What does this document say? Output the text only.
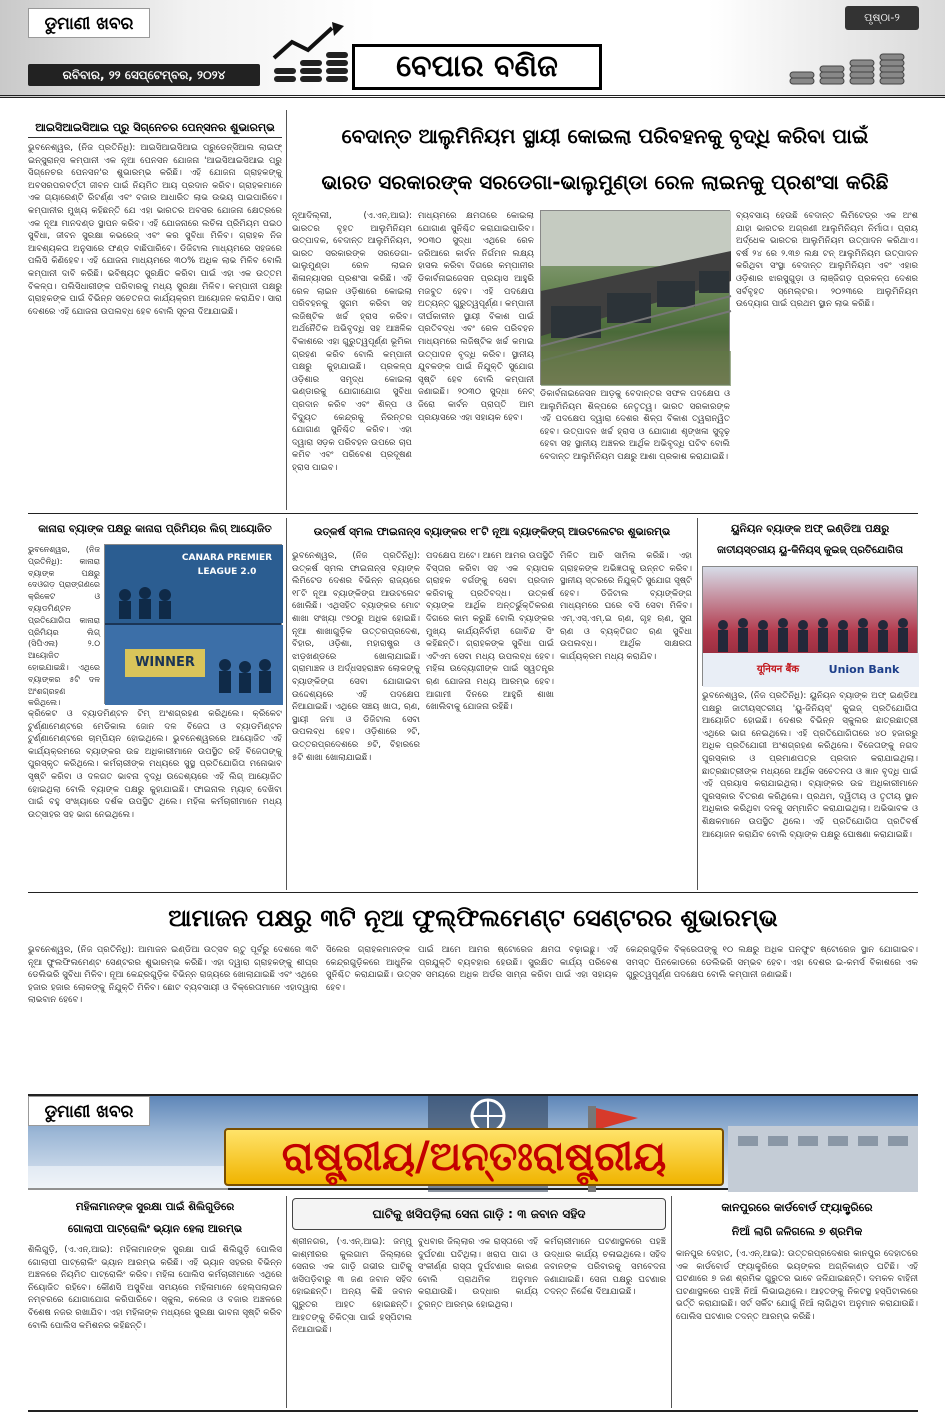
ଡୁମାଣୀ ଖବର
ରବିବାର, ୨୨ ସେପ୍ଟେମ୍ବର, ୨୦୨୪	ବେପାର ବଣିଜ
ପୃଷ୍ଠା-୨
ଆଇସିଆଇସିଆଇ ପ୍ରୁ ସିଗ୍ନେଚର ପେନ୍‌ସନର ଶୁଭାରମ୍ଭ
ଭୁବନେଶ୍ୱର, (ନିଜ ପ୍ରତିନିଧି): ଆଇସିଆଇସିଆଇ ପ୍ରୁଡେନ୍ସିଆଲ ଲାଇଫ୍ ଇନ୍ସୁରାନ୍ସ କମ୍ପାନୀ ଏକ ନୂଆ ପେନସନ ଯୋଜନା 'ଆଇସିଆଇସିଆଇ ପ୍ରୁ ସିଗ୍ନେଚର ପେନସନ'ର ଶୁଭାରମ୍ଭ କରିଛି। ଏହି ଯୋଜନା ଗ୍ରାହକଙ୍କୁ ଅବସରପରବର୍ତ୍ତୀ ଜୀବନ ପାଇଁ ନିୟମିତ ଆୟ ପ୍ରଦାନ କରିବ। ଗ୍ରାହକମାନେ ଏକ ଗ୍ୟାରେଣ୍ଟି ରିଟର୍ଣ୍ଣ ଏବଂ ବଜାର ଆଧାରିତ ଲାଭ ଉଭୟ ପାଇପାରିବେ। କମ୍ପାନୀର ମୁଖ୍ୟ କହିଛନ୍ତି ଯେ ଏହା ଭାରତର ଅବସର ଯୋଜନା କ୍ଷେତ୍ରରେ ଏକ ନୂଆ ମାନଦଣ୍ଡ ସ୍ଥାପନ କରିବ। ଏହି ଯୋଜନାରେ ଲଚିଳା ପ୍ରିମିୟମ ପଇଠ ସୁବିଧା, ଜୀବନ ସୁରକ୍ଷା କଭରେଜ୍ ଏବଂ କର ସୁବିଧା ମିଳିବ। ଗ୍ରାହକ ନିଜ ଆବଶ୍ୟକତା ଅନୁସାରେ ଫଣ୍ଡ ବାଛିପାରିବେ। ଡିଜିଟାଲ ମାଧ୍ୟମରେ ସହଜରେ ପଲିସି କିଣିହେବ। ଏହି ଯୋଜନା ମାଧ୍ୟମରେ ୩୦% ଅଧିକ ଲାଭ ମିଳିବ ବୋଲି କମ୍ପାନୀ ଦାବି କରିଛି। ଭବିଷ୍ୟତ ସୁରକ୍ଷିତ କରିବା ପାଇଁ ଏହା ଏକ ଉତ୍ତମ ବିକଳ୍ପ। ପଲିସିଧାରୀଙ୍କ ପରିବାରକୁ ମଧ୍ୟ ସୁରକ୍ଷା ମିଳିବ। କମ୍ପାନୀ ପକ୍ଷରୁ ଗ୍ରାହକଙ୍କ ପାଇଁ ବିଭିନ୍ନ ସଚେତନତା କାର୍ଯ୍ୟକ୍ରମ ଆୟୋଜନ କରାଯିବ। ସାରା ଦେଶରେ ଏହି ଯୋଜନା ଉପଲବ୍ଧ ହେବ ବୋଲି ସୂଚନା ଦିଆଯାଇଛି।
ବେଦାନ୍ତ ଆଲୁମିନିୟମ ସ୍ଥାୟୀ କୋଇଲା ପରିବହନକୁ ବୃଦ୍ଧି କରିବା ପାଇଁ
ଭାରତ ସରକାରଙ୍କ ସରଡେଗା-ଭାଲୁମୁଣ୍ଡା ରେଳ ଲାଇନକୁ ପ୍ରଶଂସା କରିଛି
ନୂଆଦିଲ୍ଲୀ, (ଏ.ଏନ୍.ଆଇ): ଭାରତର ବୃହତ ଆଲୁମିନିୟମ ଉତ୍ପାଦକ, ବେଦାନ୍ତ ଆଲୁମିନିୟମ, ଭାରତ ସରକାରଙ୍କ ସରଡେଗା-ଭାଲୁମୁଣ୍ଡା ରେଳ ଲାଇନ ଶିଳାନ୍ୟାସର ପ୍ରଶଂସା କରିଛି। ଏହି ରେଳ ଲାଇନ ଓଡ଼ିଶାରେ କୋଇଲା ପରିବହନକୁ ସୁଗମ କରିବା ସହ ଲଜିଷ୍ଟିକ ଖର୍ଚ୍ଚ ହ୍ରାସ କରିବ। ଅର୍ଥନୈତିକ ଅଭିବୃଦ୍ଧି ସହ ଆଞ୍ଚଳିକ ବିକାଶରେ ଏହା ଗୁରୁତ୍ୱପୂର୍ଣ୍ଣ ଭୂମିକା ଗ୍ରହଣ କରିବ ବୋଲି କମ୍ପାନୀ ପକ୍ଷରୁ କୁହାଯାଇଛି। ପ୍ରକଳ୍ପ ଓଡ଼ିଶାର ସମୃଦ୍ଧ କୋଇଲା ଭଣ୍ଡାରକୁ ଯୋଗାଯୋଗ ସୁବିଧା ପ୍ରଦାନ କରିବ ଏବଂ ଶିଳ୍ପ ଓ ବିଦ୍ୟୁତ କେନ୍ଦ୍ରକୁ ନିରନ୍ତର ଯୋଗାଣ ସୁନିଶ୍ଚିତ କରିବ। ଏହା ଦ୍ୱାରା ସଡ଼କ ପରିବହନ ଉପରେ ଚାପ କମିବ ଏବଂ ପରିବେଶ ପ୍ରଦୂଷଣ ହ୍ରାସ ପାଇବ।
ମାଧ୍ୟମରେ କ୍ଷମତାରେ କୋଇଲା ଯୋଗାଣ ସୁନିଶ୍ଚିତ କରାଯାଇପାରିବ। ୨୦୩୦ ସୁଦ୍ଧା ଏଥିରେ ରେଳ ଜରିଆରେ କାର୍ବନ ନିର୍ଗମନ ଲକ୍ଷ୍ୟ ହାସଲ କରିବା ଦିଗରେ କମ୍ପାନୀର ଡିକାର୍ବନାଇଜେସନ ପ୍ରୟାସ ଆହୁରି ମଜବୁତ ହେବ। ଏହି ପଦକ୍ଷେପ ଅତ୍ୟନ୍ତ ଗୁରୁତ୍ୱପୂର୍ଣ୍ଣ। କମ୍ପାନୀ ଦୀର୍ଘକାଳୀନ ସ୍ଥାୟୀ ବିକାଶ ପାଇଁ ପ୍ରତିବଦ୍ଧ ଏବଂ ରେଳ ପରିବହନ ମାଧ୍ୟମରେ ଲଜିଷ୍ଟିକ ଖର୍ଚ୍ଚ କମାଇ ଉତ୍ପାଦନ ବୃଦ୍ଧି କରିବ। ସ୍ଥାନୀୟ ଯୁବକଙ୍କ ପାଇଁ ନିଯୁକ୍ତି ସୁଯୋଗ ସୃଷ୍ଟି ହେବ ବୋଲି କମ୍ପାନୀ ଜଣାଇଛି। ୨୦୩୦ ସୁଦ୍ଧା ନେଟ୍ ଜିରୋ କାର୍ବନ ପ୍ରାପ୍ତି ଆମ ପ୍ରୟାସରେ ଏହା ସହାୟକ ହେବ।
ଡିକାର୍ବନାଇଜେସନ ଆଡ଼କୁ ବେଦାନ୍ତର ସଫଳ ପଦକ୍ଷେପ ଓ ଆଲୁମିନିୟମ ଶିଳ୍ପରେ ନେତୃତ୍ୱ। ଭାରତ ସରକାରଙ୍କ ଏହି ପଦକ୍ଷେପ ଦ୍ୱାରା ଦେଶର ଶିଳ୍ପ ବିକାଶ ତ୍ୱରାନ୍ୱିତ ହେବ। ଉତ୍ପାଦନ ଖର୍ଚ୍ଚ ହ୍ରାସ ଓ ଯୋଗାଣ ଶୃଙ୍ଖଳା ସୁଦୃଢ଼ ହେବା ସହ ସ୍ଥାନୀୟ ଅଞ୍ଚଳର ଆର୍ଥିକ ଅଭିବୃଦ୍ଧି ଘଟିବ ବୋଲି ବେଦାନ୍ତ ଆଲୁମିନିୟମ ପକ୍ଷରୁ ଆଶା ପ୍ରକାଶ କରାଯାଇଛି।
ବ୍ୟବସାୟ ହେଉଛି ବେଦାନ୍ତ ଲିମିଟେଡ୍‌ର ଏକ ଅଂଶ ଯାହା ଭାରତର ଅଗ୍ରଣୀ ଆଲୁମିନିୟମ ନିର୍ମାତା। ପ୍ରାୟ ଅର୍ଦ୍ଧେକ ଭାରତର ଆଲୁମିନିୟମ ଉତ୍ପାଦନ କରିଥାଏ। ବର୍ଷ ୨୪ ରେ ୨.୩୭ ଲକ୍ଷ ଟନ୍ ଆଲୁମିନିୟମ ଉତ୍ପାଦନ କରିଥିବା ସଂସ୍ଥା ବେଦାନ୍ତ ଆଲୁମିନିୟମ ଏବଂ ଏହାର ଓଡ଼ିଶାର ଝାରସୁଗୁଡ଼ା ଓ ଲାଞ୍ଜିଗଡ଼ ପ୍ରକଳ୍ପ ଦେଶର ସର୍ବବୃହତ ସ୍ମେଲ୍ଟର। ୨୦୨୩ରେ ଆଲୁମିନିୟମ ଉଦ୍ୟୋଗ ପାଇଁ ପ୍ରଥମ ସ୍ଥାନ ଲାଭ କରିଛି।
କାନାରା ବ୍ୟାଙ୍କ ପକ୍ଷରୁ କାନାରା ପ୍ରିମିୟର ଲିଗ୍ ଆୟୋଜିତ
ଭୁବନେଶ୍ୱର, (ନିଜ ପ୍ରତିନିଧି): କାନାରା ବ୍ୟାଙ୍କ ପକ୍ଷରୁ ଦେଓଗଡ଼ ପ୍ରାଙ୍ଗଣରେ କ୍ରିକେଟ ଓ ବ୍ୟାଡମିଣ୍ଟନ ପ୍ରତିଯୋଗିତା କାନାରା ପ୍ରିମିୟର ଲିଗ୍ (ସିପିଏଲ) ୨.୦ ଆୟୋଜିତ ହୋଇଯାଇଛି। ଏଥିରେ ବ୍ୟାଙ୍କର ୫ଟି ଦଳ ଅଂଶଗ୍ରହଣ କରିଥିଲେ।
CANARA PREMIER LEAGUE 2.0
WINNER
କ୍ରିକେଟ ଓ ବ୍ୟାଡମିଣ୍ଟନ ଟିମ୍ ଅଂଶଗ୍ରହଣ କରିଥିଲେ। କ୍ରିକେଟ ଟୁର୍ଣ୍ଣାମେଣ୍ଟରେ ମେଡିକାଲ ଜୋନ ଦଳ ବିଜେତା ଓ ବ୍ୟାଡମିଣ୍ଟନ ଟୁର୍ଣ୍ଣାମେଣ୍ଟରେ ଚାମ୍ପିୟନ ହୋଇଥିଲେ। ଭୁବନେଶ୍ୱରରେ ଆୟୋଜିତ ଏହି କାର୍ଯ୍ୟକ୍ରମରେ ବ୍ୟାଙ୍କର ଉଚ୍ଚ ଅଧିକାରୀମାନେ ଉପସ୍ଥିତ ରହି ବିଜେତାଙ୍କୁ ପୁରସ୍କୃତ କରିଥିଲେ। କର୍ମଚାରୀଙ୍କ ମଧ୍ୟରେ ସୁସ୍ଥ ପ୍ରତିଯୋଗିତା ମନୋଭାବ ସୃଷ୍ଟି କରିବା ଓ ଦଳଗତ ଭାବନା ବୃଦ୍ଧି ଉଦ୍ଦେଶ୍ୟରେ ଏହି ଲିଗ୍ ଆୟୋଜିତ ହୋଇଥିଲା ବୋଲି ବ୍ୟାଙ୍କ ପକ୍ଷରୁ କୁହାଯାଇଛି। ଫାଇନାଲ ମ୍ୟାଚ୍ ଦେଖିବା ପାଇଁ ବହୁ ସଂଖ୍ୟାରେ ଦର୍ଶକ ଉପସ୍ଥିତ ଥିଲେ। ମହିଳା କର୍ମଚାରୀମାନେ ମଧ୍ୟ ଉତ୍ସାହର ସହ ଭାଗ ନେଇଥିଲେ।
ଉତ୍କର୍ଷ ସ୍ମଲ ଫାଇନାନ୍ସ ବ୍ୟାଙ୍କର ୧୮ଟି ନୂଆ ବ୍ୟାଙ୍କିଙ୍ଗ୍ ଆଉଟଲେଟର ଶୁଭାରମ୍ଭ
ଭୁବନେଶ୍ୱର, (ନିଜ ପ୍ରତିନିଧି): ଉତ୍କର୍ଷ ସ୍ମଲ ଫାଇନାନ୍ସ ବ୍ୟାଙ୍କ ଲିମିଟେଡ ଦେଶର ବିଭିନ୍ନ ରାଜ୍ୟରେ ୧୮ଟି ନୂଆ ବ୍ୟାଙ୍କିଙ୍ଗ ଆଉଟଲେଟ ଖୋଲିଛି। ଏଥିସହିତ ବ୍ୟାଙ୍କର ମୋଟ ଶାଖା ସଂଖ୍ୟା ୯୭୦ରୁ ଅଧିକ ହୋଇଛି। ନୂଆ ଶାଖାଗୁଡ଼ିକ ଉତ୍ତରପ୍ରଦେଶ, ବିହାର, ଓଡ଼ିଶା, ମହାରାଷ୍ଟ୍ର ଓ ଝାଡ଼ଖଣ୍ଡରେ ଖୋଲାଯାଇଛି। ଗ୍ରାମାଞ୍ଚଳ ଓ ଅର୍ଦ୍ଧସହରାଞ୍ଚଳ ଲୋକଙ୍କୁ ବ୍ୟାଙ୍କିଙ୍ଗ ସେବା ଯୋଗାଇବା ଉଦ୍ଦେଶ୍ୟରେ ଏହି ପଦକ୍ଷେପ ନିଆଯାଇଛି। ଏଥିରେ ସଞ୍ଚୟ ଖାତା, ଋଣ, ସ୍ଥାୟୀ ଜମା ଓ ଡିଜିଟାଲ ସେବା ଉପଲବ୍ଧ ହେବ। ଓଡ଼ିଶାରେ ୨ଟି, ଉତ୍ତରପ୍ରଦେଶରେ ୭ଟି, ବିହାରରେ ୫ଟି ଶାଖା ଖୋଲାଯାଇଛି।
ପଦକ୍ଷେପ ଅଟେ। ଆମେ ଆମର ଉପସ୍ଥିତି ବିସ୍ତାର କରିବା ସହ ଏକ ବ୍ୟାପକ ଗ୍ରାହକ ବର୍ଗଙ୍କୁ ସେବା ପ୍ରଦାନ କରିବାକୁ ପ୍ରତିବଦ୍ଧ। ଉତ୍କର୍ଷ ବ୍ୟାଙ୍କ ଆର୍ଥିକ ଅନ୍ତର୍ଭୁକ୍ତିକରଣ ଦିଗରେ କାମ କରୁଛି ବୋଲି ବ୍ୟାଙ୍କର ମୁଖ୍ୟ କାର୍ଯ୍ୟନିର୍ବାହୀ ଗୋବିନ୍ଦ ସିଂ କହିଛନ୍ତି। ଗ୍ରାହକଙ୍କ ସୁବିଧା ପାଇଁ ଏଟିଏମ ସେବା ମଧ୍ୟ ଉପଲବ୍ଧ ହେବ। ମହିଳା ଉଦ୍ୟୋଗୀଙ୍କ ପାଇଁ ସ୍ୱତନ୍ତ୍ର ଋଣ ଯୋଜନା ମଧ୍ୟ ଆରମ୍ଭ ହେବ। ଆଗାମୀ ଦିନରେ ଆହୁରି ଶାଖା ଖୋଲିବାକୁ ଯୋଜନା ରହିଛି।
ମିଳିତ ଆଚି ସାମିଲ କରିଛି। ଏହା ଗ୍ରାହକଙ୍କ ଅଭିଜ୍ଞତାକୁ ଉନ୍ନତ କରିବ। ସ୍ଥାନୀୟ ସ୍ତରରେ ନିଯୁକ୍ତି ସୁଯୋଗ ସୃଷ୍ଟି ହେବ। ଡିଜିଟାଲ ବ୍ୟାଙ୍କିଙ୍ଗ ମାଧ୍ୟମରେ ଘରେ ବସି ସେବା ମିଳିବ। ଏମ୍.ଏସ୍.ଏମ୍.ଇ ଋଣ, ଗୃହ ଋଣ, ସୁନା ଋଣ ଓ ବ୍ୟକ୍ତିଗତ ଋଣ ସୁବିଧା ଉପଲବ୍ଧ। ଆର୍ଥିକ ସାକ୍ଷରତା କାର୍ଯ୍ୟକ୍ରମ ମଧ୍ୟ କରାଯିବ।
ୟୁନିୟନ ବ୍ୟାଙ୍କ ଅଫ୍ ଇଣ୍ଡିଆ ପକ୍ଷରୁ
ଜାତୀୟସ୍ତରୀୟ ୟୁ-କିନିୟସ୍ କୁଇଜ୍ ପ୍ରତିଯୋଗିତା
यूनियन बैंक	Union Bank
ଭୁବନେଶ୍ୱର, (ନିଜ ପ୍ରତିନିଧି): ୟୁନିୟନ ବ୍ୟାଙ୍କ ଅଫ୍ ଇଣ୍ଡିଆ ପକ୍ଷରୁ ଜାତୀୟସ୍ତରୀୟ 'ୟୁ-ଜିନିୟସ୍' କୁଇଜ୍ ପ୍ରତିଯୋଗିତା ଆୟୋଜିତ ହୋଇଛି। ଦେଶର ବିଭିନ୍ନ ସ୍କୁଲର ଛାତ୍ରଛାତ୍ରୀ ଏଥିରେ ଭାଗ ନେଇଥିଲେ। ଏହି ପ୍ରତିଯୋଗିତାରେ ୪୦ ହଜାରରୁ ଅଧିକ ପ୍ରତିଯୋଗୀ ଅଂଶଗ୍ରହଣ କରିଥିଲେ। ବିଜେତାଙ୍କୁ ନଗଦ ପୁରସ୍କାର ଓ ପ୍ରମାଣପତ୍ର ପ୍ରଦାନ କରାଯାଇଥିଲା। ଛାତ୍ରଛାତ୍ରୀଙ୍କ ମଧ୍ୟରେ ଆର୍ଥିକ ସଚେତନତା ଓ ଜ୍ଞାନ ବୃଦ୍ଧି ପାଇଁ ଏହି ପ୍ରୟାସ କରାଯାଇଥିଲା। ବ୍ୟାଙ୍କର ଉଚ୍ଚ ଅଧିକାରୀମାନେ ପୁରସ୍କାର ବିତରଣ କରିଥିଲେ। ପ୍ରଥମ, ଦ୍ୱିତୀୟ ଓ ତୃତୀୟ ସ୍ଥାନ ଅଧିକାର କରିଥିବା ଦଳକୁ ସମ୍ମାନିତ କରାଯାଇଥିଲା। ଅଭିଭାବକ ଓ ଶିକ୍ଷକମାନେ ଉପସ୍ଥିତ ଥିଲେ। ଏହି ପ୍ରତିଯୋଗିତା ପ୍ରତିବର୍ଷ ଆୟୋଜନ କରାଯିବ ବୋଲି ବ୍ୟାଙ୍କ ପକ୍ଷରୁ ଘୋଷଣା କରାଯାଇଛି।
ଆମାଜନ ପକ୍ଷରୁ ୩ଟି ନୂଆ ଫୁଲ୍‌ଫିଲମେଣ୍ଟ ସେଣ୍ଟରର ଶୁଭାରମ୍ଭ
ଭୁବନେଶ୍ୱର, (ନିଜ ପ୍ରତିନିଧି): ଆମାଜନ ଇଣ୍ଡିଆ ଉତ୍ସବ ଋତୁ ପୂର୍ବରୁ ଦେଶରେ ୩ଟି ନୂଆ ଫୁଲଫିଲମେଣ୍ଟ ସେଣ୍ଟରର ଶୁଭାରମ୍ଭ କରିଛି। ଏହା ଦ୍ୱାରା ଗ୍ରାହକଙ୍କୁ ଶୀଘ୍ର ଡେଲିଭରି ସୁବିଧା ମିଳିବ। ନୂଆ କେନ୍ଦ୍ରଗୁଡ଼ିକ ବିଭିନ୍ନ ରାଜ୍ୟରେ ଖୋଲାଯାଇଛି ଏବଂ ଏଥିରେ ହଜାର ହଜାର ଲୋକଙ୍କୁ ନିଯୁକ୍ତି ମିଳିବ। ଛୋଟ ବ୍ୟବସାୟୀ ଓ ବିକ୍ରେତାମାନେ ଏହାଦ୍ୱାରା ଲାଭବାନ ହେବେ।
ସିଲେର ଗ୍ରାହକମାନଙ୍କ ପାଇଁ ଆମେ ଆମର ଷ୍ଟୋରେଜ କ୍ଷମତା ବଢ଼ାଇଛୁ। ଏହି କେନ୍ଦ୍ରଗୁଡ଼ିକରେ ଆଧୁନିକ ପ୍ରଯୁକ୍ତି ବ୍ୟବହାର ହେଉଛି। ସୁରକ୍ଷିତ କାର୍ଯ୍ୟ ପରିବେଶ ସୁନିଶ୍ଚିତ କରାଯାଇଛି। ଉତ୍ସବ ସମୟରେ ଅଧିକ ଅର୍ଡର ସାମ୍ନା କରିବା ପାଇଁ ଏହା ସହାୟକ ହେବ।
କେନ୍ଦ୍ରଗୁଡ଼ିକ ବିକ୍ରେତାଙ୍କୁ ୧୦ ଲକ୍ଷରୁ ଅଧିକ ଘନଫୁଟ ଷ୍ଟୋରେଜ ସ୍ଥାନ ଯୋଗାଇବ। ସମସ୍ତ ପିନକୋଡରେ ଡେଲିଭରି ସମ୍ଭବ ହେବ। ଏହା ଦେଶର ଇ-କମର୍ସ ବିକାଶରେ ଏକ ଗୁରୁତ୍ୱପୂର୍ଣ୍ଣ ପଦକ୍ଷେପ ବୋଲି କମ୍ପାନୀ ଜଣାଇଛି।
ଡୁମାଣୀ ଖବର
ରାଷ୍ଟ୍ରୀୟ/ଅନ୍ତଃରାଷ୍ଟ୍ରୀୟ
ମହିଳାମାନଙ୍କ ସୁରକ୍ଷା ପାଇଁ ଶିଲିଗୁଡିରେ
ଗୋଲାପୀ ପାଟ୍ରୋଲିଂ ଭ୍ୟାନ ହେଲା ଆରମ୍ଭ
ଶିଲିଗୁଡ଼ି, (ଏ.ଏନ୍.ଆଇ): ମହିଳାମାନଙ୍କ ସୁରକ୍ଷା ପାଇଁ ଶିଲିଗୁଡ଼ି ପୋଲିସ ଗୋଲାପୀ ପାଟ୍ରୋଲିଂ ଭ୍ୟାନ ଆରମ୍ଭ କରିଛି। ଏହି ଭ୍ୟାନ ସହରର ବିଭିନ୍ନ ଅଞ୍ଚଳରେ ନିୟମିତ ପାଟ୍ରୋଲିଂ କରିବ। ମହିଳା ପୋଲିସ କର୍ମଚାରୀମାନେ ଏଥିରେ ନିୟୋଜିତ ରହିବେ। କୌଣସି ଅସୁବିଧା ସମୟରେ ମହିଳାମାନେ ହେଲ୍ପଲାଇନ ନମ୍ବରରେ ଯୋଗାଯୋଗ କରିପାରିବେ। ସ୍କୁଲ, କଲେଜ ଓ ବଜାର ଅଞ୍ଚଳରେ ବିଶେଷ ନଜର ରଖାଯିବ। ଏହା ମହିଳାଙ୍କ ମଧ୍ୟରେ ସୁରକ୍ଷା ଭାବନା ସୃଷ୍ଟି କରିବ ବୋଲି ପୋଲିସ କମିଶନର କହିଛନ୍ତି।
ଘାଟିକୁ ଖସିପଡ଼ିଲା ସେନା ଗାଡ଼ି : ୩ ଜବାନ ସହିଦ
ଶ୍ରୀନଗର, (ଏ.ଏନ୍.ଆଇ): ଜମ୍ମୁ କାଶ୍ମୀରର କୁଲଗାମ ଜିଲ୍ଲାରେ ସେନାର ଏକ ଗାଡ଼ି ଗଭୀର ଘାଟିକୁ ଖସିପଡ଼ିବାରୁ ୩ ଜଣ ଜବାନ ସହିଦ ହୋଇଛନ୍ତି। ଅନ୍ୟ କିଛି ଜବାନ ଗୁରୁତର ଆହତ ହୋଇଛନ୍ତି। ଆହତଙ୍କୁ ଚିକିତ୍ସା ପାଇଁ ହସ୍ପିଟାଲ ନିଆଯାଇଛି।
ବୁଧବାର ଜିଲ୍ଲାର ଏକ ରାସ୍ତାରେ ଏହି ଦୁର୍ଘଟଣା ଘଟିଥିଲା। ଖରାପ ପାଗ ଓ ସଂକୀର୍ଣ୍ଣ ରାସ୍ତା ଦୁର୍ଘଟଣାର କାରଣ ବୋଲି ପ୍ରାଥମିକ ଅନୁମାନ କରାଯାଉଛି। ଉଦ୍ଧାର କାର୍ଯ୍ୟ ତୁରନ୍ତ ଆରମ୍ଭ ହୋଇଥିଲା।
କର୍ମଚାରୀମାନେ ଘଟଣାସ୍ଥଳରେ ପହଞ୍ଚି ଉଦ୍ଧାର କାର୍ଯ୍ୟ ଚଳାଇଥିଲେ। ସହିଦ ଜବାନଙ୍କ ପରିବାରକୁ ସମବେଦନା ଜଣାଯାଇଛି। ସେନା ପକ୍ଷରୁ ଘଟଣାର ତଦନ୍ତ ନିର୍ଦ୍ଦେଶ ଦିଆଯାଇଛି।
କାନପୁରରେ କାର୍ଡବୋର୍ଡ ଫ୍ୟାକ୍ଟ୍ରିରେ
ନିଆଁ ଲାଗି ଜଳିଗଲେ ୭ ଶ୍ରମିକ
କାନପୁର ଦେହାତ, (ଏ.ଏନ୍.ଆଇ): ଉତ୍ତରପ୍ରଦେଶର କାନପୁର ଦେହାତରେ ଏକ କାର୍ଡବୋର୍ଡ ଫ୍ୟାକ୍ଟ୍ରିରେ ଭୟଙ୍କର ଅଗ୍ନିକାଣ୍ଡ ଘଟିଛି। ଏହି ଘଟଣାରେ ୭ ଜଣ ଶ୍ରମିକ ଗୁରୁତର ଭାବେ ଜଳିଯାଇଛନ୍ତି। ଦମକଳ ବାହିନୀ ଘଟଣାସ୍ଥଳରେ ପହଞ୍ଚି ନିଆଁ ଲିଭାଇଥିଲେ। ଆହତଙ୍କୁ ନିକଟସ୍ଥ ହସ୍ପିଟାଲରେ ଭର୍ତ୍ତି କରାଯାଇଛି। ସର୍ଟ ସର୍କିଟ ଯୋଗୁଁ ନିଆଁ ଲାଗିଥିବା ଅନୁମାନ କରାଯାଉଛି। ପୋଲିସ ଘଟଣାର ତଦନ୍ତ ଆରମ୍ଭ କରିଛି।
